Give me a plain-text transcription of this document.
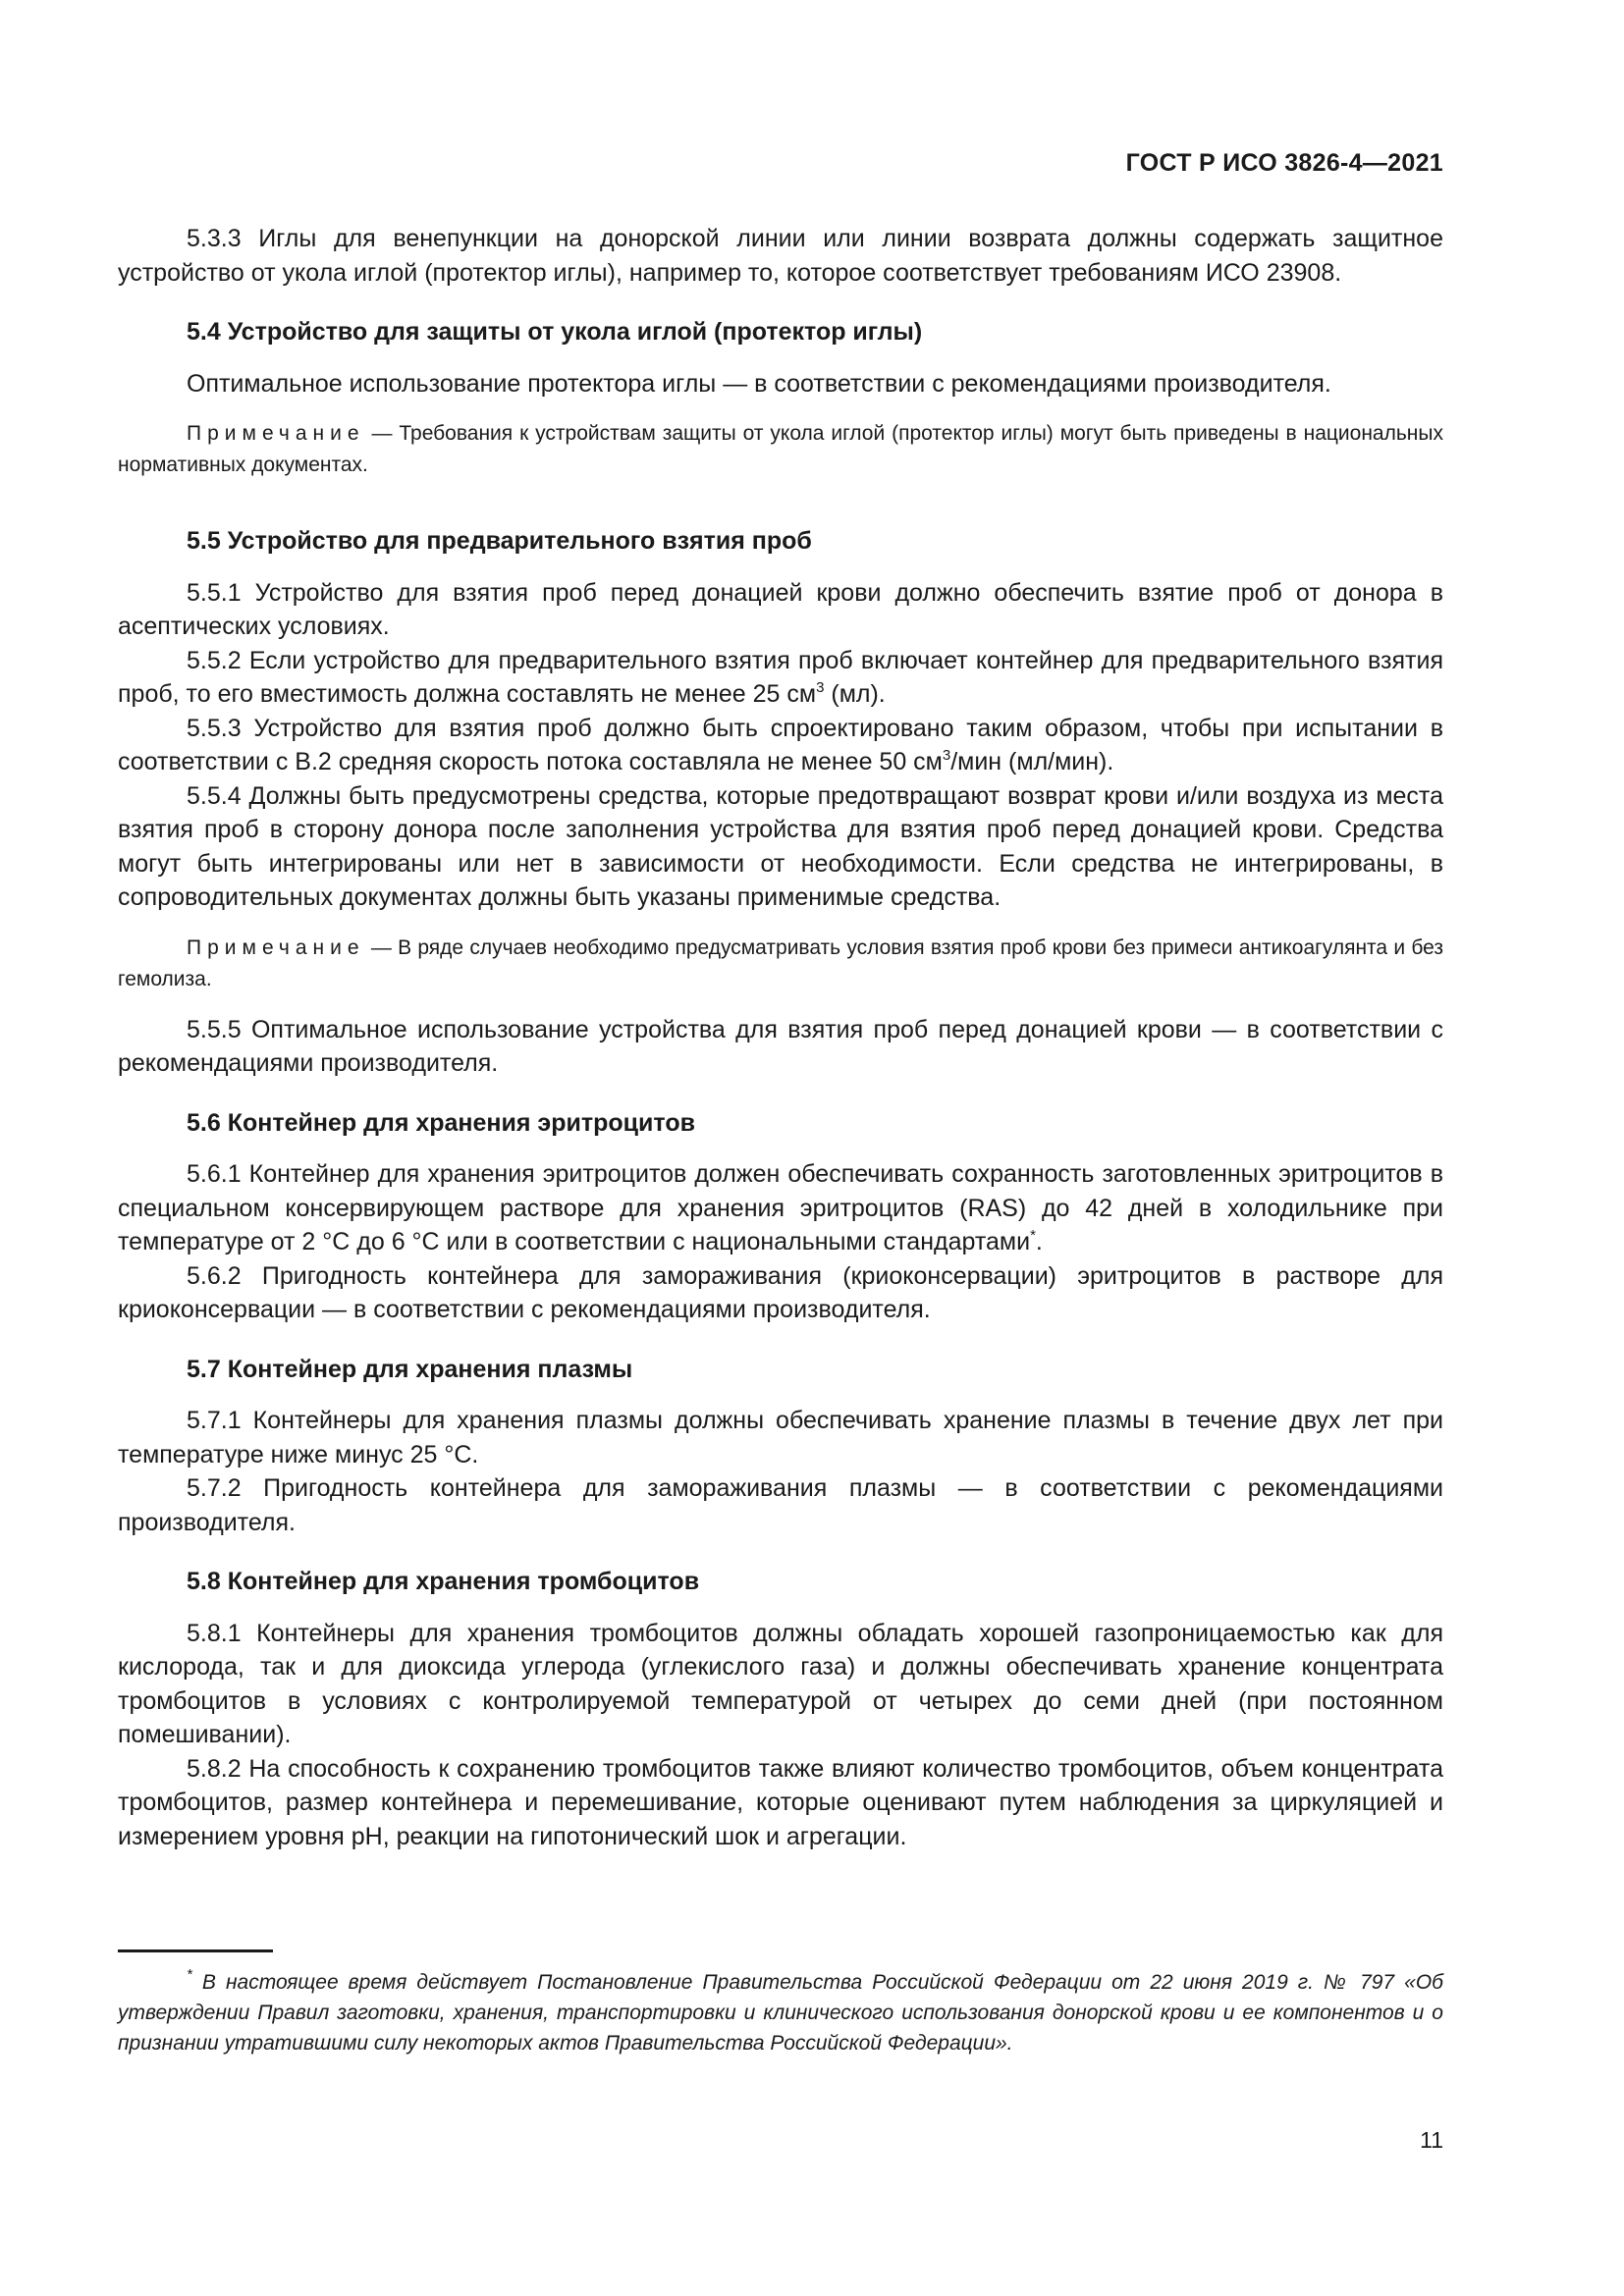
ГОСТ Р ИСО 3826-4—2021

5.3.3 Иглы для венепункции на донорской линии или линии возврата должны содержать защитное устройство от укола иглой (протектор иглы), например то, которое соответствует требованиям ИСО 23908.

5.4 Устройство для защиты от укола иглой (протектор иглы)

Оптимальное использование протектора иглы — в соответствии с рекомендациями производителя.

Примечание — Требования к устройствам защиты от укола иглой (протектор иглы) могут быть приведены в национальных нормативных документах.

5.5 Устройство для предварительного взятия проб

5.5.1 Устройство для взятия проб перед донацией крови должно обеспечить взятие проб от донора в асептических условиях.

5.5.2 Если устройство для предварительного взятия проб включает контейнер для предварительного взятия проб, то его вместимость должна составлять не менее 25 $см^3$ (мл).

5.5.3 Устройство для взятия проб должно быть спроектировано таким образом, чтобы при испытании в соответствии с В.2 средняя скорость потока составляла не менее 50 $см^3$/мин (мл/мин).

5.5.4 Должны быть предусмотрены средства, которые предотвращают возврат крови и/или воздуха из места взятия проб в сторону донора после заполнения устройства для взятия проб перед донацией крови. Средства могут быть интегрированы или нет в зависимости от необходимости. Если средства не интегрированы, в сопроводительных документах должны быть указаны применимые средства.

Примечание — В ряде случаев необходимо предусматривать условия взятия проб крови без примеси антикоагулянта и без гемолиза.

5.5.5 Оптимальное использование устройства для взятия проб перед донацией крови — в соответствии с рекомендациями производителя.

5.6 Контейнер для хранения эритроцитов

5.6.1 Контейнер для хранения эритроцитов должен обеспечивать сохранность заготовленных эритроцитов в специальном консервирующем растворе для хранения эритроцитов (RAS) до 42 дней в холодильнике при температуре от 2 °С до 6 °С или в соответствии с национальными стандартами*.

5.6.2 Пригодность контейнера для замораживания (криоконсервации) эритроцитов в растворе для криоконсервации — в соответствии с рекомендациями производителя.

5.7 Контейнер для хранения плазмы

5.7.1 Контейнеры для хранения плазмы должны обеспечивать хранение плазмы в течение двух лет при температуре ниже минус 25 °С.

5.7.2 Пригодность контейнера для замораживания плазмы — в соответствии с рекомендациями производителя.

5.8 Контейнер для хранения тромбоцитов

5.8.1 Контейнеры для хранения тромбоцитов должны обладать хорошей газопроницаемостью как для кислорода, так и для диоксида углерода (углекислого газа) и должны обеспечивать хранение концентрата тромбоцитов в условиях с контролируемой температурой от четырех до семи дней (при постоянном помешивании).

5.8.2 На способность к сохранению тромбоцитов также влияют количество тромбоцитов, объем концентрата тромбоцитов, размер контейнера и перемешивание, которые оценивают путем наблюдения за циркуляцией и измерением уровня pH, реакции на гипотонический шок и агрегации.

* В настоящее время действует Постановление Правительства Российской Федерации от 22 июня 2019 г. № 797 «Об утверждении Правил заготовки, хранения, транспортировки и клинического использования донорской крови и ее компонентов и о признании утратившими силу некоторых актов Правительства Российской Федерации».

11
